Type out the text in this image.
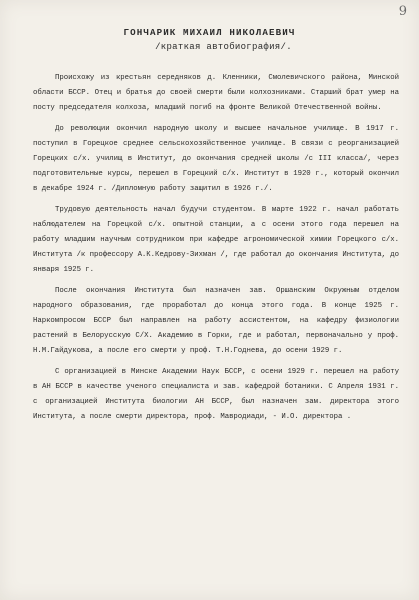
9
ГОНЧАРИК МИХАИЛ НИКОЛАЕВИЧ
/краткая автобиография/.

Происхожу из крестьян середняков д. Кленники, Смолевичского района, Минской области БССР. Отец и братья до своей смерти были колхозниками. Старший брат умер на посту председателя колхоза, младший погиб на фронте Великой Отечественной войны.

До революции окончил народную школу и высшее начальное училище. В 1917 г. поступил в Горецкое среднее сельскохозяйственное училище. В связи с реорганизацией Горецких с/х. училищ в Институт, до окончания средней школы /с III класса/, через подготовительные курсы, перешел в Горецкий с/х. Институт в 1920 г., который окончил в декабре 1924 г. /Дипломную работу защитил в 1926 г./.

Трудовую деятельность начал будучи студентом. В марте 1922 г. начал работать наблюдателем на Горецкой с/х. опытной станции, а с осени этого года перешел на работу младшим научным сотрудником при кафедре агрономической химии Горецкого с/х. Института /к профессору А.К.Кедрову-Зихман /, где работал до окончания Института, до января 1925 г.

После окончания Института был назначен зав. Оршанским Окружным отделом народного образования, где проработал до конца этого года. В конце 1925 г. Наркомпросом БССР был направлен на работу ассистентом, на кафедру физиологии растений в Белорусскую С/Х. Академию в Горки, где и работал, первоначально у проф. Н.М.Гайдукова, а после его смерти у проф. Т.Н.Годнева, до осени 1929 г.

С организацией в Минске Академии Наук БССР, с осени 1929 г. перешел на работу в АН БССР в качестве ученого специалиста и зав. кафедрой ботаники. С Апреля 1931 г. с организацией Института биологии АН БССР, был назначен зам. директора этого Института, а после смерти директора, проф. Мавродиади, - И.О. директора .
